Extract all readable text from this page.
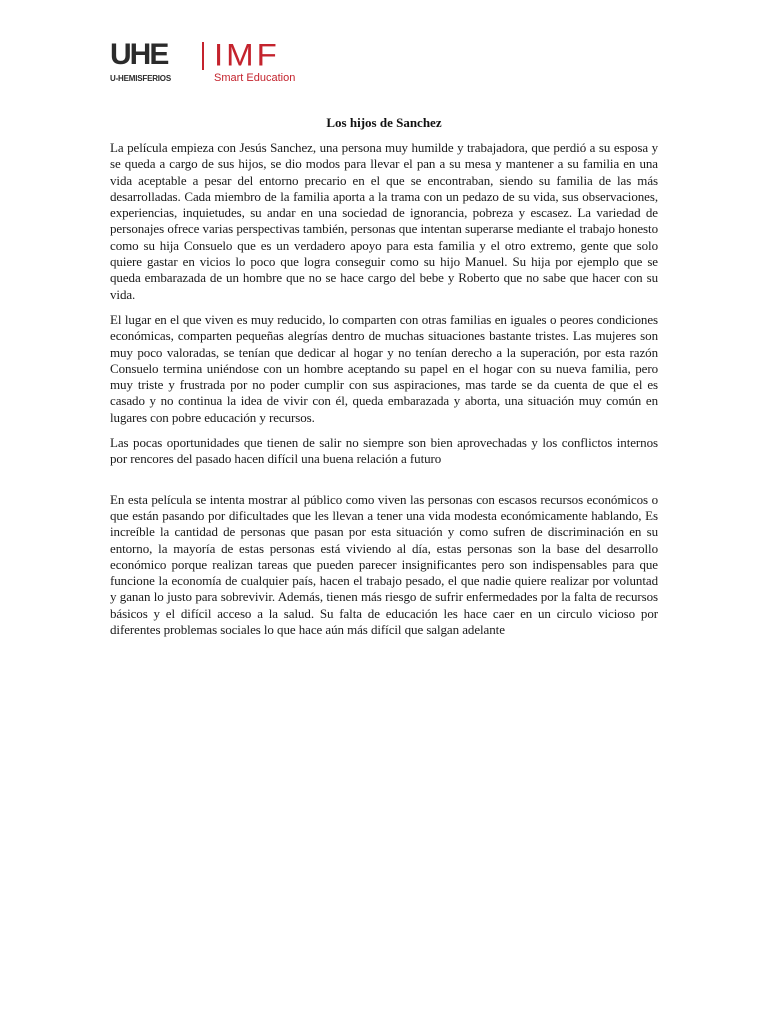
UHE
U-HEMISFERIOS
IMF
Smart Education
Los hijos de Sanchez

La película empieza con Jesús Sanchez, una persona muy humilde y trabajadora, que perdió a su esposa y se queda a cargo de sus hijos, se dio modos para llevar el pan a su mesa y mantener a su familia en una vida aceptable a pesar del entorno precario en el que se encontraban, siendo su familia de las más desarrolladas. Cada miembro de la familia aporta a la trama con un pedazo de su vida, sus observaciones, experiencias, inquietudes, su andar en una sociedad de ignorancia, pobreza y escasez. La variedad de personajes ofrece varias perspectivas también, personas que intentan superarse mediante el trabajo honesto como su hija Consuelo que es un verdadero apoyo para esta familia y el otro extremo, gente que solo quiere gastar en vicios lo poco que logra conseguir como su hijo Manuel. Su hija por ejemplo que se queda embarazada de un hombre que no se hace cargo del bebe y Roberto que no sabe que hacer con su vida.

El lugar en el que viven es muy reducido, lo comparten con otras familias en iguales o peores condiciones económicas, comparten pequeñas alegrías dentro de muchas situaciones bastante tristes. Las mujeres son muy poco valoradas, se tenían que dedicar al hogar y no tenían derecho a la superación, por esta razón Consuelo termina uniéndose con un hombre aceptando su papel en el hogar con su nueva familia, pero muy triste y frustrada por no poder cumplir con sus aspiraciones, mas tarde se da cuenta de que el es casado y no continua la idea de vivir con él, queda embarazada y aborta, una situación muy común en lugares con pobre educación y recursos.

Las pocas oportunidades que tienen de salir no siempre son bien aprovechadas y los conflictos internos por rencores del pasado hacen difícil una buena relación a futuro

En esta película se intenta mostrar al público como viven las personas con escasos recursos económicos o que están pasando por dificultades que les llevan a tener una vida modesta económicamente hablando, Es increíble la cantidad de personas que pasan por esta situación y como sufren de discriminación en su entorno, la mayoría de estas personas está viviendo al día, estas personas son la base del desarrollo económico porque realizan tareas que pueden parecer insignificantes pero son indispensables para que funcione la economía de cualquier país, hacen el trabajo pesado, el que nadie quiere realizar por voluntad y ganan lo justo para sobrevivir. Además, tienen más riesgo de sufrir enfermedades por la falta de recursos básicos y el difícil acceso a la salud. Su falta de educación les hace caer en un circulo vicioso por diferentes problemas sociales lo que hace aún más difícil que salgan adelante
